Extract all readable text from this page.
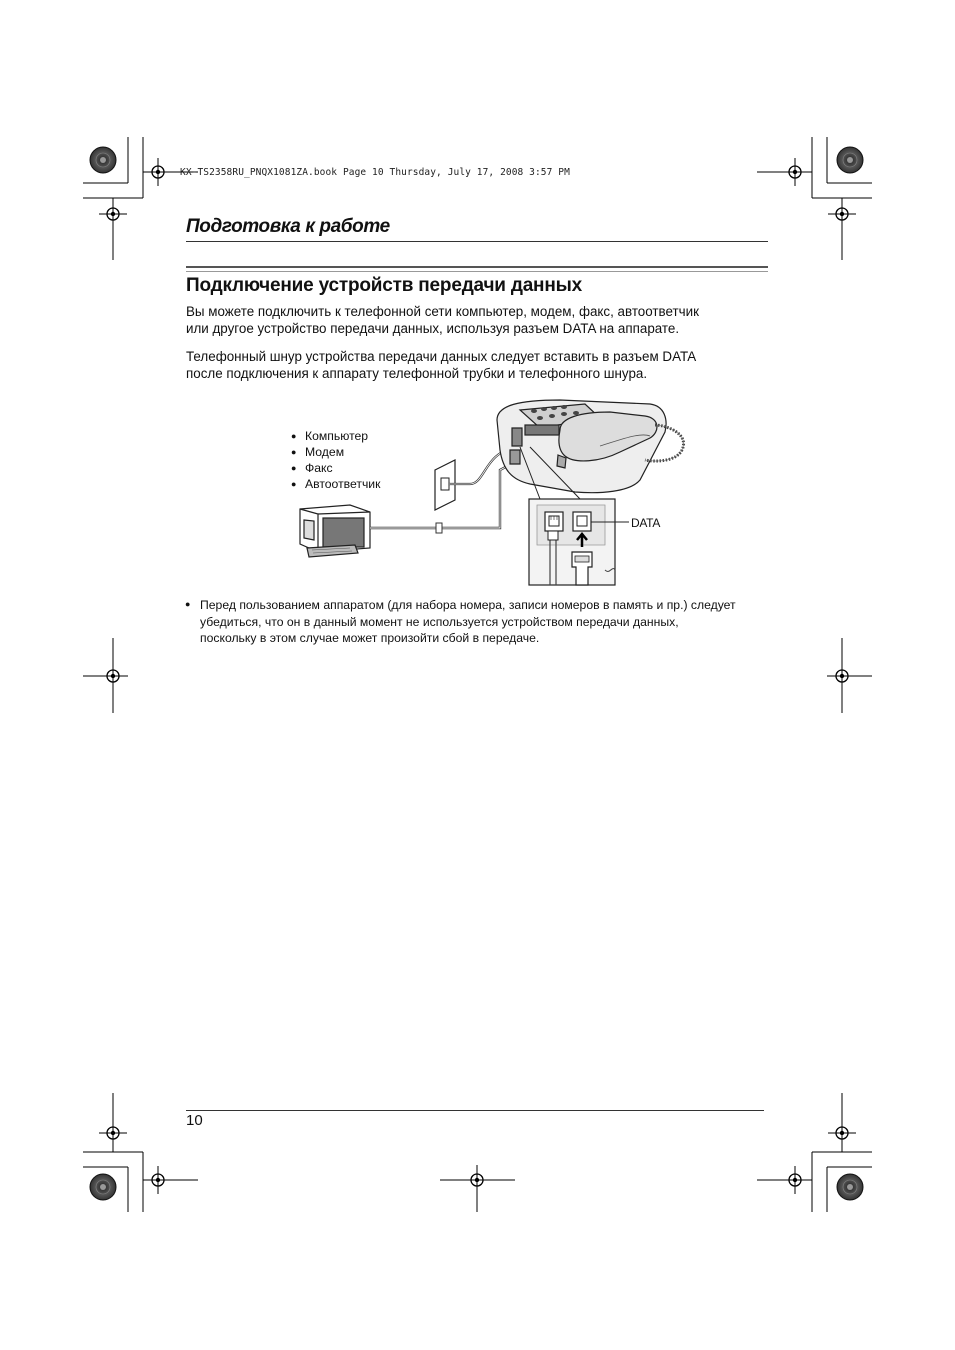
KX-TS2358RU_PNQX1081ZA.book Page 10 Thursday, July 17, 2008 3:57 PM
Подготовка к работе
Подключение устройств передачи данных
Вы можете подключить к телефонной сети компьютер, модем, факс, автоответчик
или другое устройство передачи данных, используя разъем DATA на аппарате.
Телефонный шнур устройства передачи данных следует вставить в разъем DATA
после подключения к аппарату телефонной трубки и телефонного шнура.
● Компьютер
● Модем
● Факс
● Автоответчик
DATA
● Перед пользованием аппаратом (для набора номера, записи номеров в память и пр.) следует
убедиться, что он в данный момент не используется устройством передачи данных,
поскольку в этом случае может произойти сбой в передаче.
10
